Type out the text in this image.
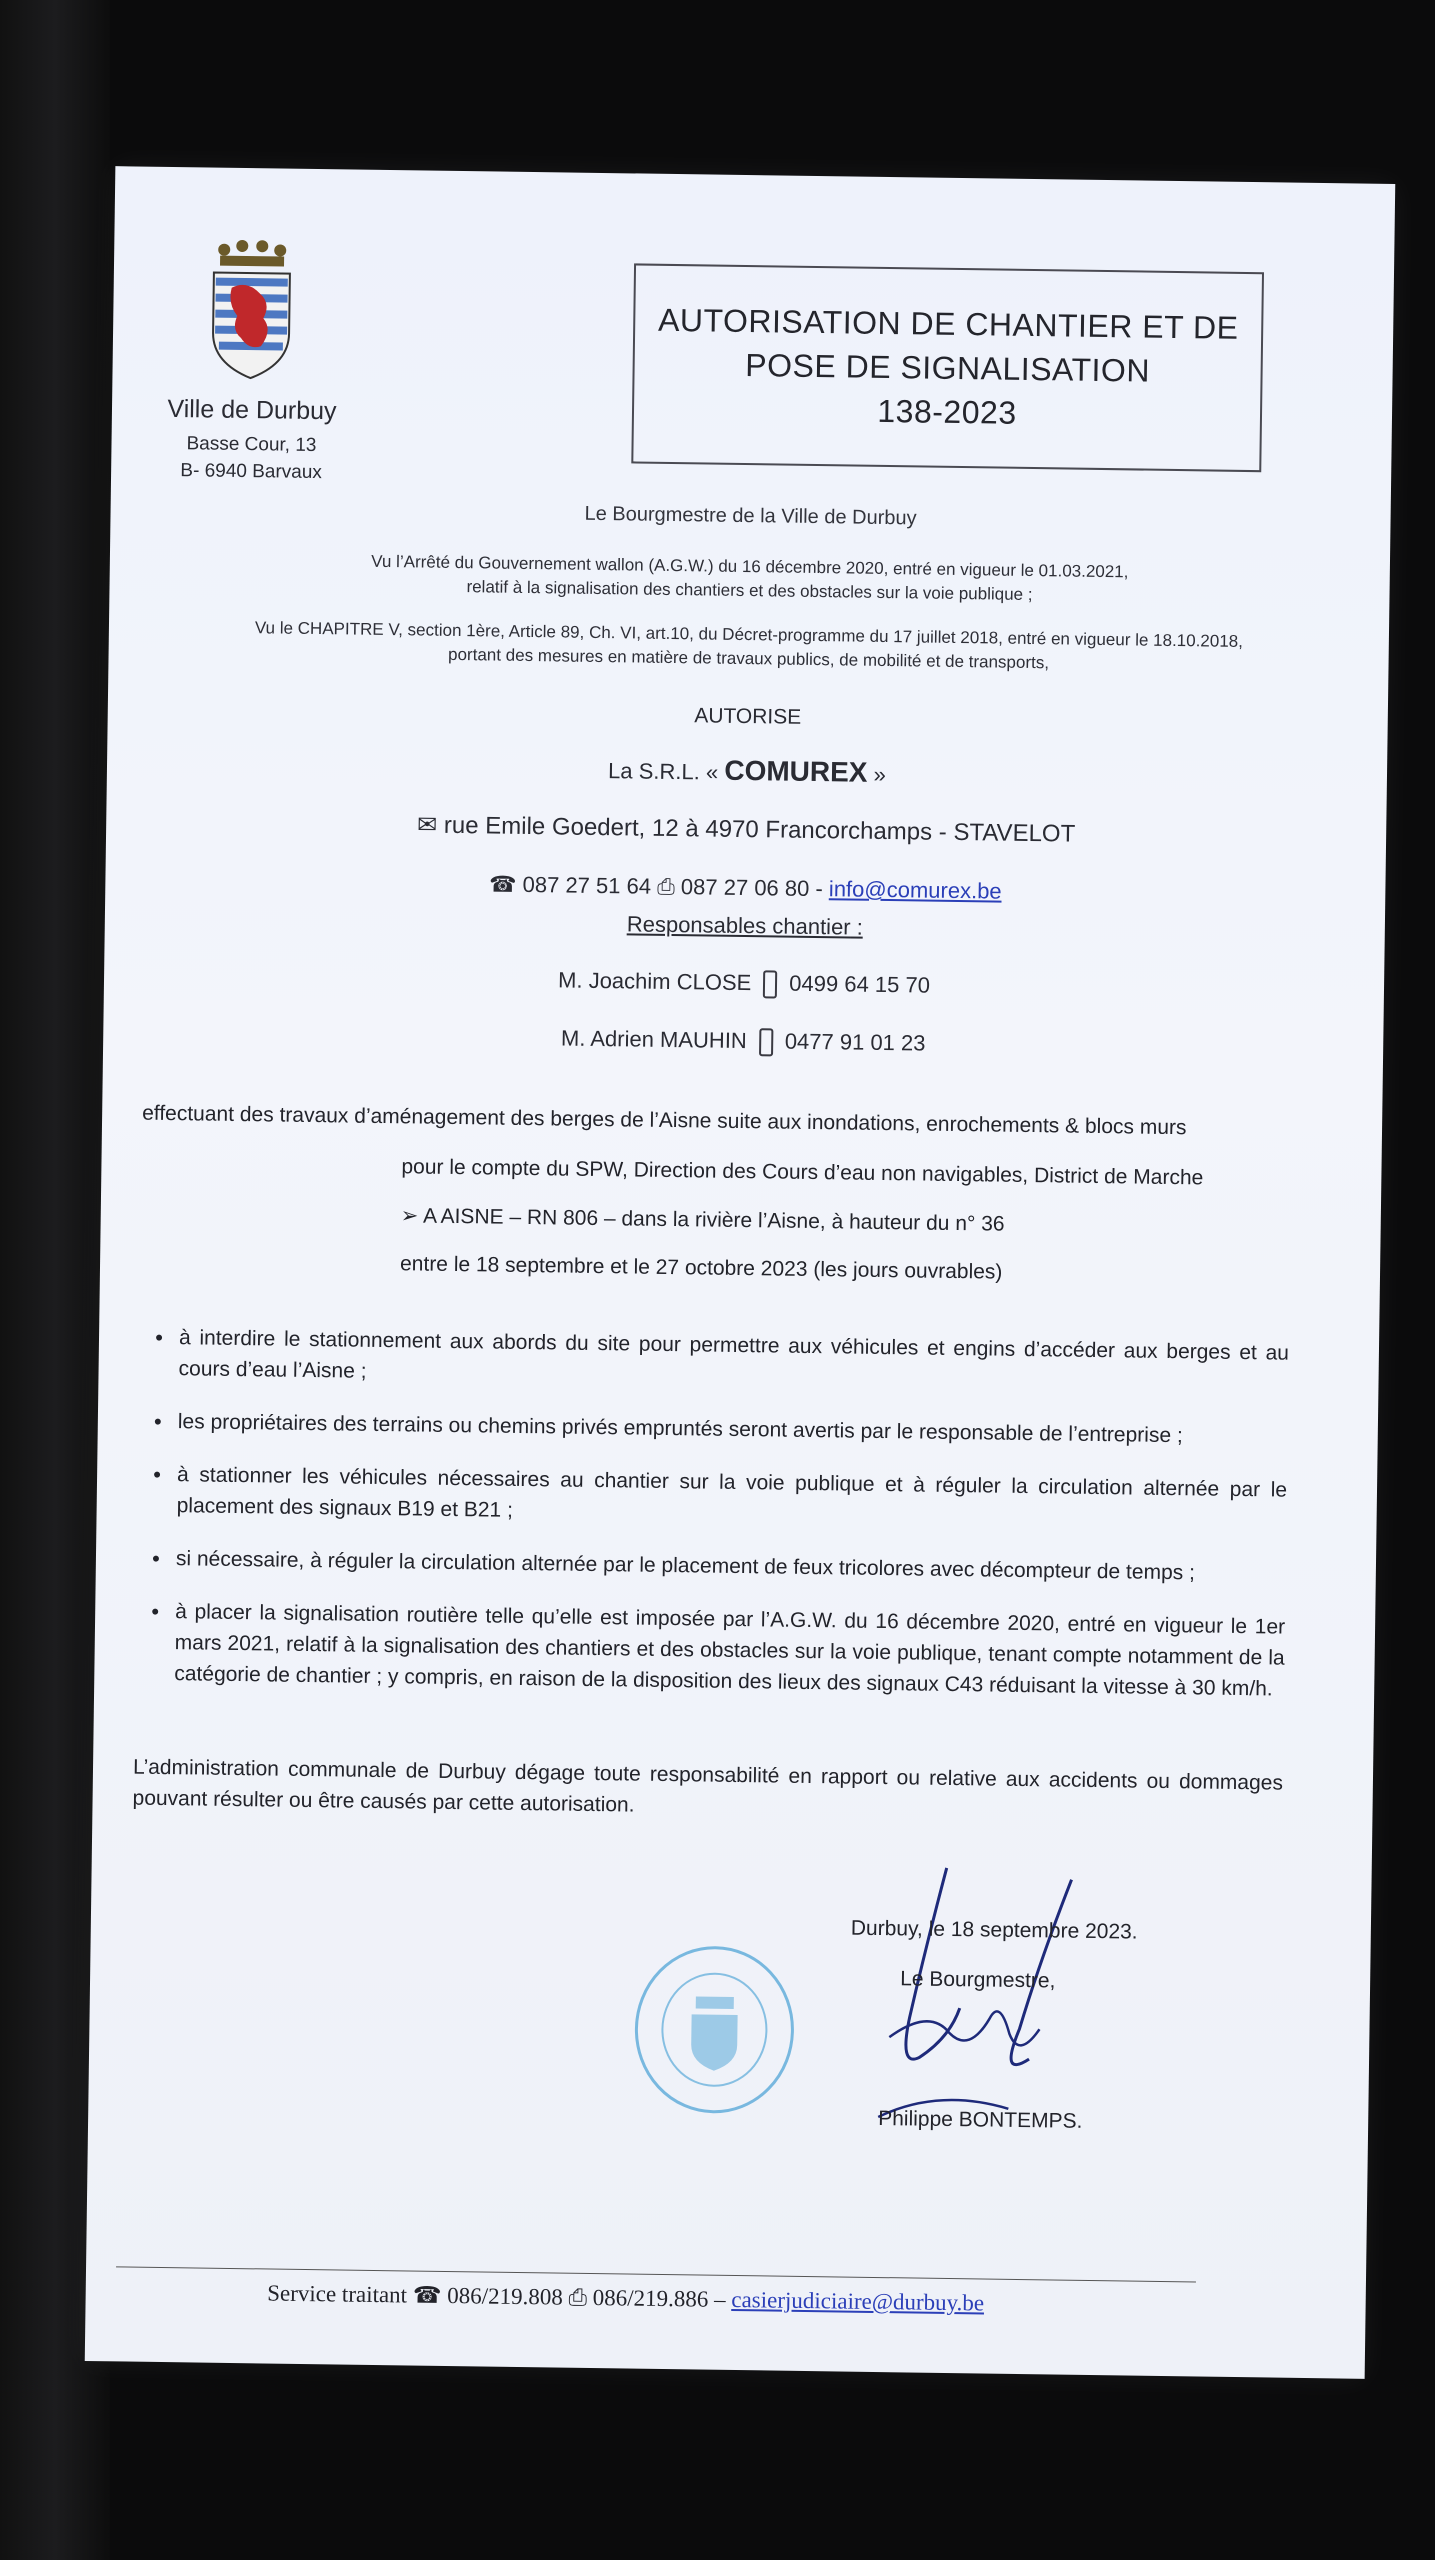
Ville de Durbuy
Basse Cour, 13
B- 6940 Barvaux
AUTORISATION DE CHANTIER ET DE
POSE DE SIGNALISATION
138-2023
Le Bourgmestre de la Ville de Durbuy
Vu l’Arrêté du Gouvernement wallon (A.G.W.) du 16 décembre 2020, entré en vigueur le 01.03.2021,
relatif à la signalisation des chantiers et des obstacles sur la voie publique ;
Vu le CHAPITRE V, section 1ère, Article 89, Ch. VI, art.10, du Décret-programme du 17 juillet 2018, entré en vigueur le 18.10.2018,
portant des mesures en matière de travaux publics, de mobilité et de transports,
AUTORISE
La S.R.L. « COMUREX »
✉ rue Emile Goedert, 12 à 4970 Francorchamps - STAVELOT
☎ 087 27 51 64 ⎙ 087 27 06 80 - info@comurex.be
Responsables chantier :
M. Joachim CLOSE 0499 64 15 70
M. Adrien MAUHIN 0477 91 01 23
effectuant des travaux d’aménagement des berges de l’Aisne suite aux inondations, enrochements & blocs murs
pour le compte du SPW, Direction des Cours d’eau non navigables, District de Marche
➢ A AISNE – RN 806 – dans la rivière l’Aisne, à hauteur du n° 36
entre le 18 septembre et le 27 octobre 2023 (les jours ouvrables)
• à interdire le stationnement aux abords du site pour permettre aux véhicules et engins d’accéder aux berges et au cours d’eau l’Aisne ;
• les propriétaires des terrains ou chemins privés empruntés seront avertis par le responsable de l’entreprise ;
• à stationner les véhicules nécessaires au chantier sur la voie publique et à réguler la circulation alternée par le placement des signaux B19 et B21 ;
• si nécessaire, à réguler la circulation alternée par le placement de feux tricolores avec décompteur de temps ;
• à placer la signalisation routière telle qu’elle est imposée par l’A.G.W. du 16 décembre 2020, entré en vigueur le 1er mars 2021, relatif à la signalisation des chantiers et des obstacles sur la voie publique, tenant compte notamment de la catégorie de chantier ; y compris, en raison de la disposition des lieux des signaux C43 réduisant la vitesse à 30 km/h.
L’administration communale de Durbuy dégage toute responsabilité en rapport ou relative aux accidents ou dommages pouvant résulter ou être causés par cette autorisation.
Durbuy, le 18 septembre 2023.
Le Bourgmestre,
Philippe BONTEMPS.
Service traitant ☎ 086/219.808 ⎙ 086/219.886 – casierjudiciaire@durbuy.be
